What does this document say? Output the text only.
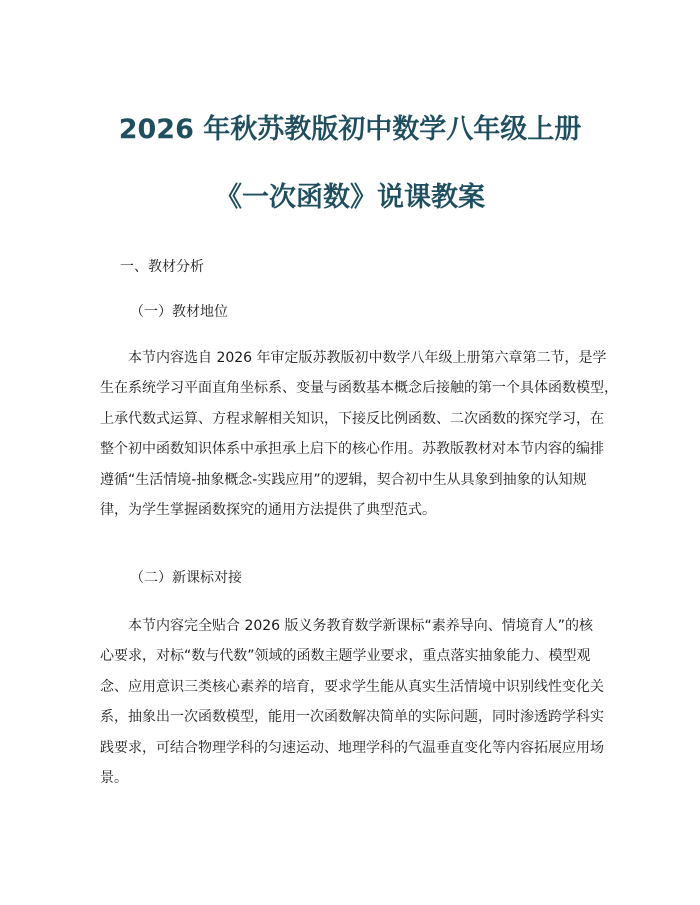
2026 年秋苏教版初中数学八年级上册
《一次函数》说课教案
一、教材分析
（一）教材地位
　　本节内容选自 2026 年审定版苏教版初中数学八年级上册第六章第二节，是学
生在系统学习平面直角坐标系、变量与函数基本概念后接触的第一个具体函数模型，
上承代数式运算、方程求解相关知识，下接反比例函数、二次函数的探究学习，在
整个初中函数知识体系中承担承上启下的核心作用。苏教版教材对本节内容的编排
遵循“生活情境-抽象概念-实践应用”的逻辑，契合初中生从具象到抽象的认知规
律，为学生掌握函数探究的通用方法提供了典型范式。
（二）新课标对接
　　本节内容完全贴合 2026 版义务教育数学新课标“素养导向、情境育人”的核
心要求，对标“数与代数”领域的函数主题学业要求，重点落实抽象能力、模型观
念、应用意识三类核心素养的培育，要求学生能从真实生活情境中识别线性变化关
系，抽象出一次函数模型，能用一次函数解决简单的实际问题，同时渗透跨学科实
践要求，可结合物理学科的匀速运动、地理学科的气温垂直变化等内容拓展应用场
景。
